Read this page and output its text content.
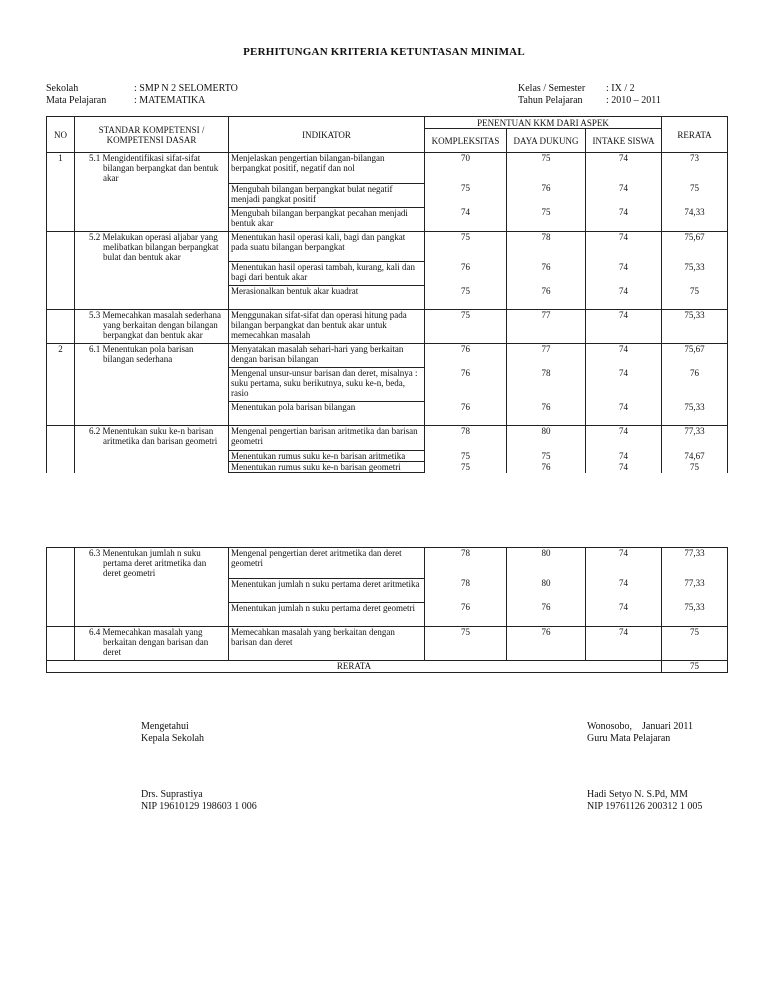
PERHITUNGAN KRITERIA KETUNTASAN MINIMAL
Sekolah	: SMP N 2 SELOMERTO
Mata Pelajaran	: MATEMATIKA
Kelas / Semester	: IX / 2
Tahun Pelajaran	: 2010 – 2011
NO	STANDAR KOMPETENSI / KOMPETENSI DASAR	INDIKATOR	PENENTUAN KKM DARI ASPEK			RERATA
			KOMPLEKSITAS	DAYA DUKUNG	INTAKE SISWA	
1	5.1 Mengidentifikasi sifat-sifat bilangan berpangkat dan bentuk akar	Menjelaskan pengertian bilangan-bilangan berpangkat positif, negatif dan nol	70	75	74	73

	Mengubah bilangan berpangkat bulat negatif menjadi pangkat positif	75	76	74	75

	Mengubah bilangan berpangkat pecahan menjadi bentuk akar	74	75	74	74,33

	5.2 Melakukan operasi aljabar yang melibatkan bilangan berpangkat bulat dan bentuk akar	Menentukan hasil operasi kali, bagi dan pangkat pada suatu bilangan berpangkat	75	78	74	75,67

	Menentukan hasil operasi tambah, kurang, kali dan bagi dari bentuk akar	76	76	74	75,33

	Merasionalkan bentuk akar kuadrat	75	76	74	75

	5.3 Memecahkan masalah sederhana yang berkaitan dengan bilangan berpangkat dan bentuk akar	Menggunakan sifat-sifat dan operasi hitung pada bilangan berpangkat dan bentuk akar untuk memecahkan masalah	75	77	74	75,33
2	6.1 Menentukan pola barisan bilangan sederhana	Menyatakan masalah sehari-hari yang berkaitan dengan barisan bilangan	76	77	74	75,67

	Mengenal unsur-unsur barisan dan deret, misalnya : suku pertama, suku berikutnya, suku ke-n, beda, rasio	76	78	74	76

	Menentukan pola barisan bilangan	76	76	74	75,33

	6.2 Menentukan suku ke-n barisan aritmetika dan barisan geometri	Mengenal pengertian barisan aritmetika dan barisan geometri	78	80	74	77,33

	Menentukan rumus suku ke-n barisan aritmetika	75	75	74	74,67

	Menentukan rumus suku ke-n barisan geometri	75	76	74	75

	6.3 Menentukan jumlah n suku pertama deret aritmetika dan deret geometri	Mengenal pengertian deret aritmetika dan deret geometri	78	80	74	77,33

	Menentukan jumlah n suku pertama deret aritmetika	78	80	74	77,33

	Menentukan jumlah n suku pertama deret geometri	76	76	74	75,33

	6.4 Memecahkan masalah yang berkaitan dengan barisan dan deret	Memecahkan masalah yang berkaitan dengan barisan dan deret	75	76	74	75
RERATA						75
Mengetahui
Kepala Sekolah
Drs. Suprastiya
NIP 19610129 198603 1 006
Wonosobo,    Januari 2011
Guru Mata Pelajaran
Hadi Setyo N. S.Pd, MM
NIP 19761126 200312 1 005
